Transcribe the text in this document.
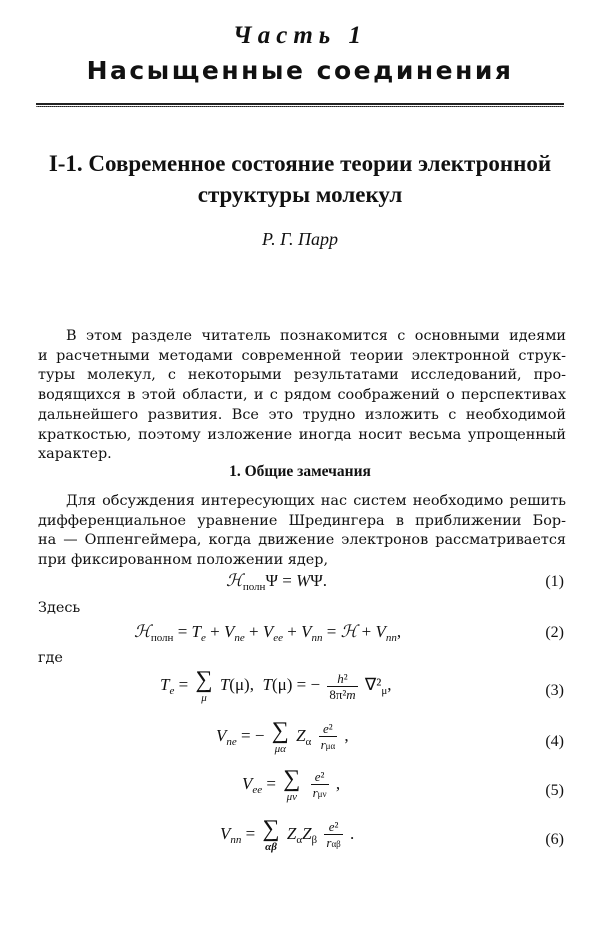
Часть 1
Насыщенные соединения
I-1. Современное состояние теории электронной
структуры молекул
Р. Г. Парр
В этом разделе читатель познакомится с основными идеями
и расчетными методами современной теории электронной струк-
туры молекул, с некоторыми результатами исследований, про-
водящихся в этой области, и с рядом соображений о перспективах
дальнейшего развития. Все это трудно изложить с необходимой
краткостью, поэтому изложение иногда носит весьма упрощенный
характер.
1. Общие замечания
Для обсуждения интересующих нас систем необходимо решить
дифференциальное уравнение Шредингера в приближении Бор-
на — Оппенгеймера, когда движение электронов рассматривается
при фиксированном положении ядер,
ℋ$_{полн}$Ψ = WΨ.	(1)
Здесь
ℋ$_{полн}$ = $T_e + V_{ne} + V_{ee} + V_{nn}$ = ℋ + $V_{nn}$,	(2)
где
$T_e$ = ∑
μ
T(μ),  T(μ) = − $\frac{\text{h²}}{\text{8π²m}} \nabla^2_\mu$,	(3)
$V_{ne}$ = − ∑
μα
$Z_\alpha \frac{\text{e²}}{\text{rμα}}$ ,	(4)
$V_{ee}$ = ∑
μν
$\frac{\text{e²}}{\text{rμν}}$ ,	(5)
$V_{nn}$ = ∑
αβ
$Z_\alpha Z_\beta \frac{\text{e²}}{\text{rαβ}}$ .	(6)
